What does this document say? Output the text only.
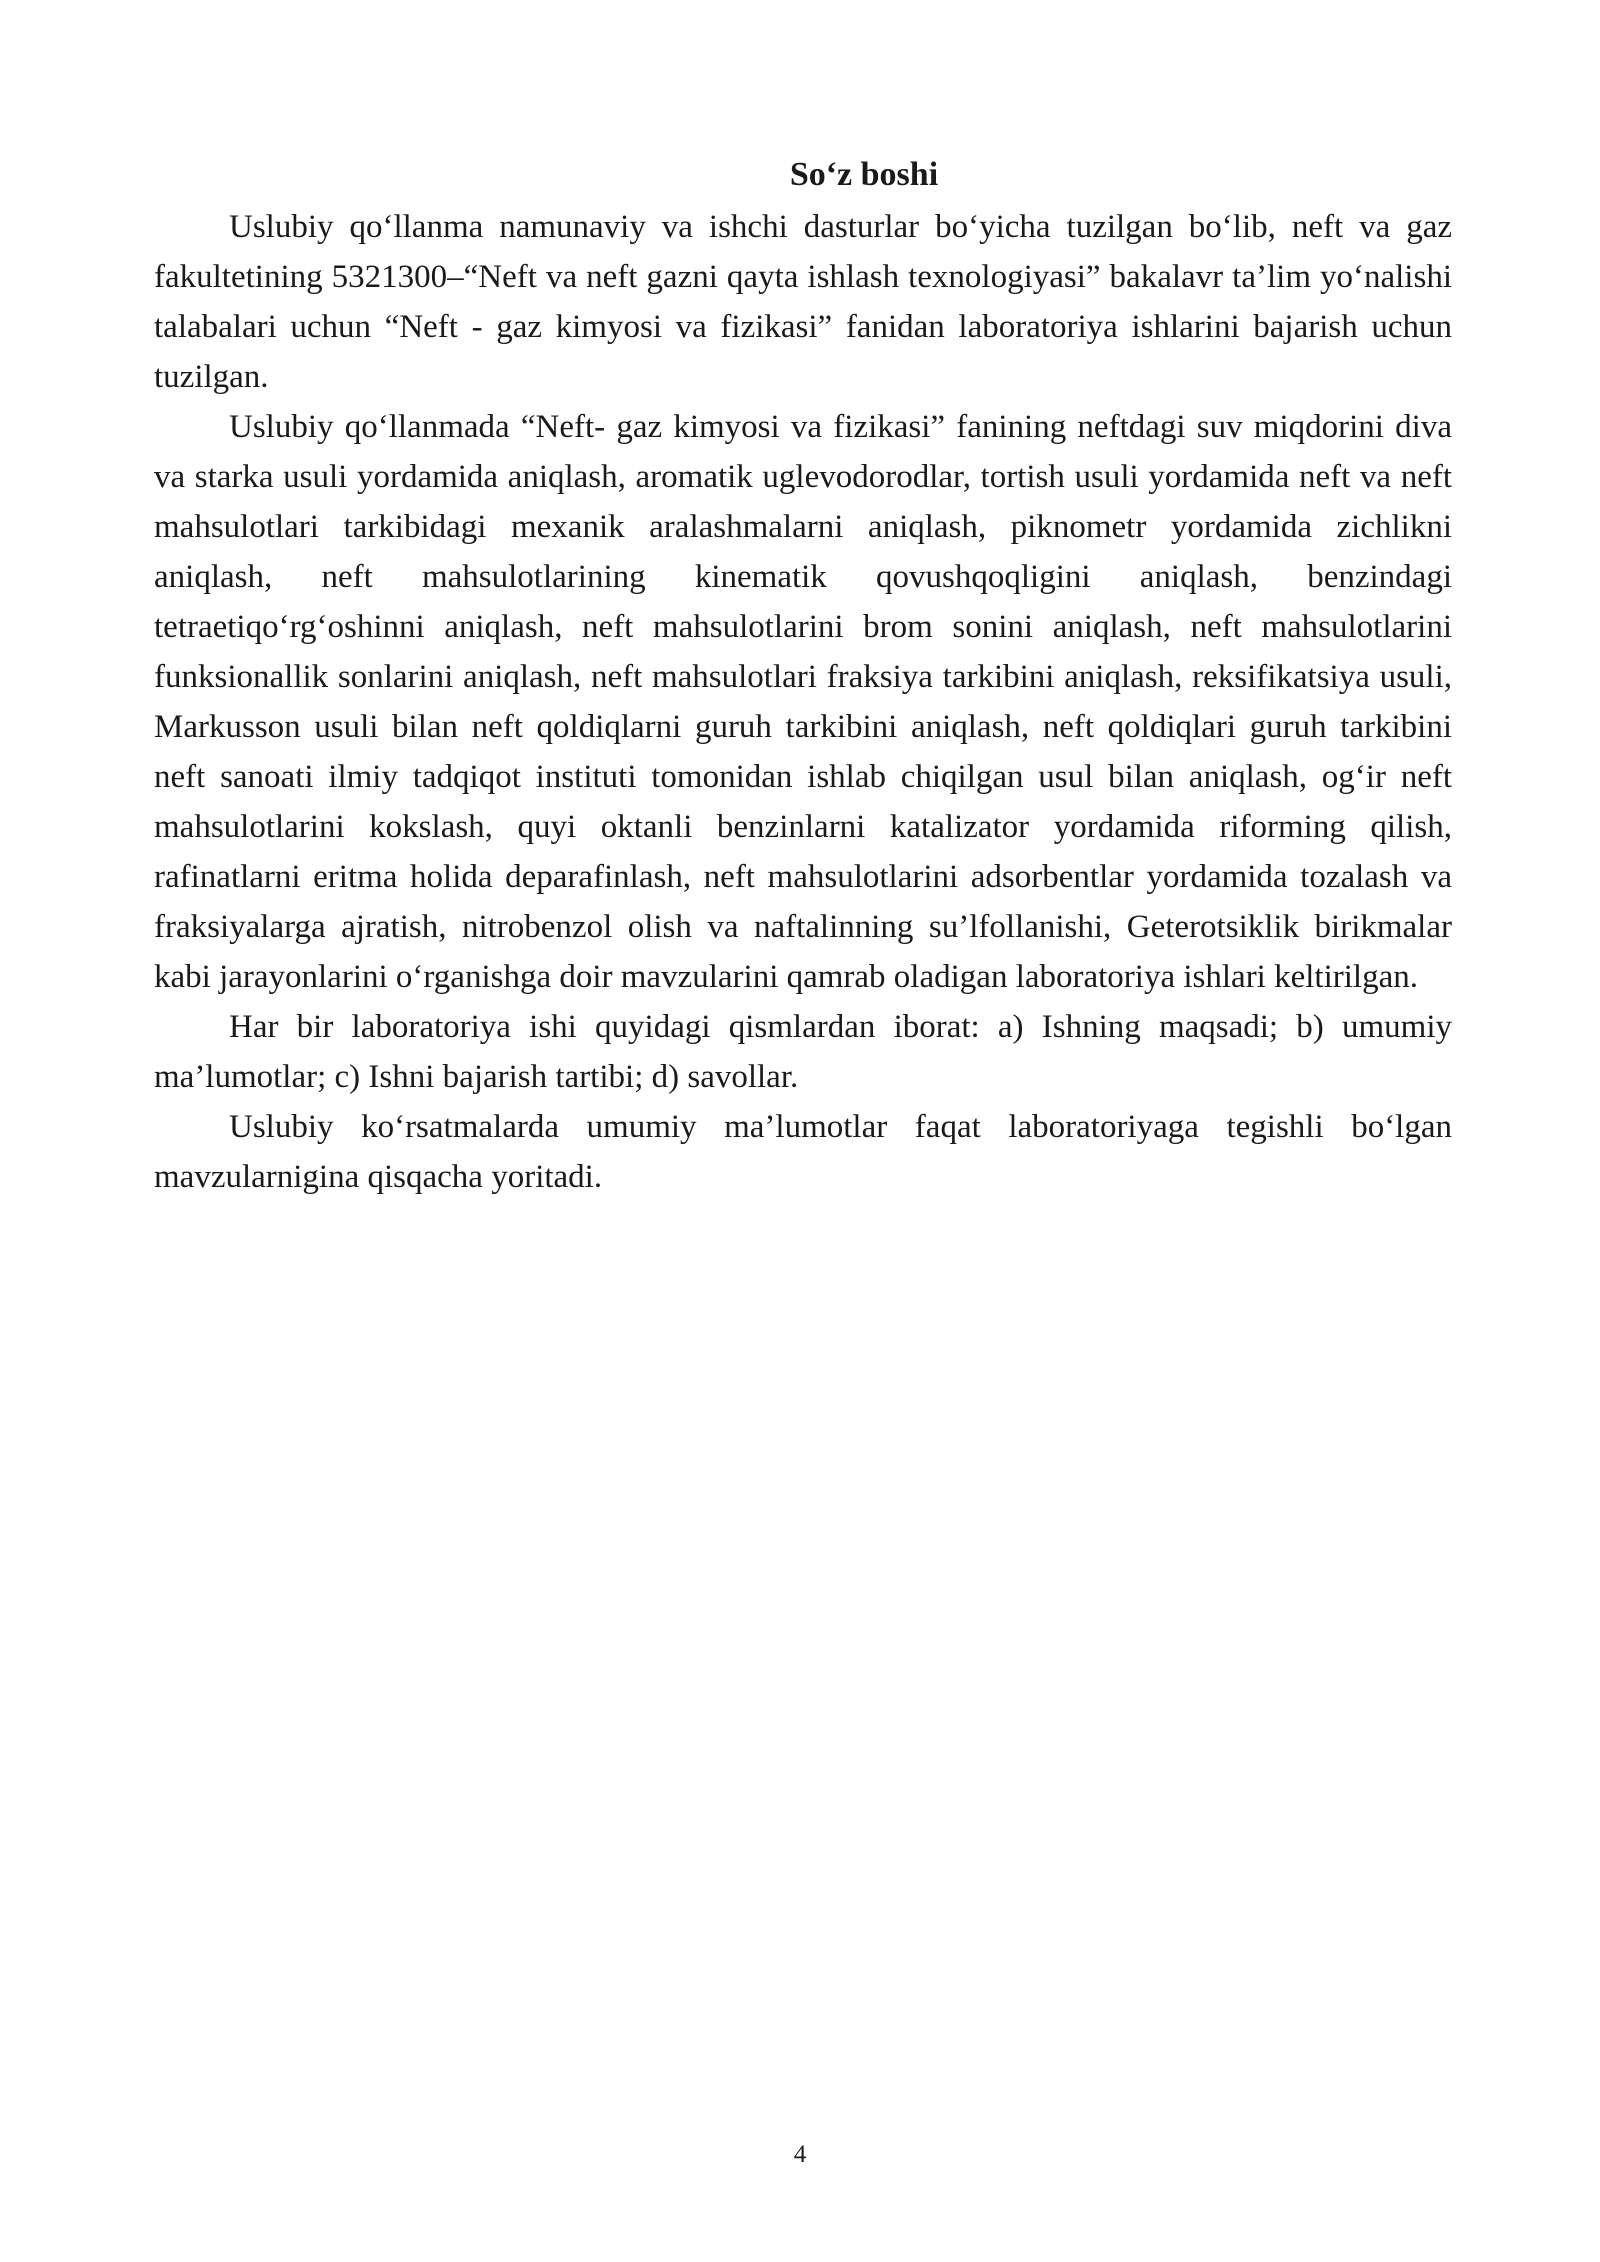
So‘z boshi

Uslubiy qo‘llanma namunaviy va ishchi dasturlar bo‘yicha tuzilgan bo‘lib, neft va gaz fakultetining 5321300–“Neft va neft gazni qayta ishlash texnologiyasi” bakalavr ta’lim yo‘nalishi talabalari uchun “Neft - gaz kimyosi va fizikasi” fanidan laboratoriya ishlarini bajarish uchun tuzilgan.

Uslubiy qo‘llanmada “Neft- gaz kimyosi va fizikasi” fanining neftdagi suv miqdorini diva va starka usuli yordamida aniqlash, aromatik uglevodorodlar, tortish usuli yordamida neft va neft mahsulotlari tarkibidagi mexanik aralashmalarni aniqlash, piknometr yordamida zichlikni aniqlash, neft mahsulotlarining kinematik qovushqoqligini aniqlash, benzindagi tetraetiqo‘rg‘oshinni aniqlash, neft mahsulotlarini brom sonini aniqlash, neft mahsulotlarini funksionallik sonlarini aniqlash, neft mahsulotlari fraksiya tarkibini aniqlash, reksifikatsiya usuli, Markusson usuli bilan neft qoldiqlarni guruh tarkibini aniqlash, neft qoldiqlari guruh tarkibini neft sanoati ilmiy tadqiqot instituti tomonidan ishlab chiqilgan usul bilan aniqlash, og‘ir neft mahsulotlarini kokslash, quyi oktanli benzinlarni katalizator yordamida riforming qilish, rafinatlarni eritma holida deparafinlash, neft mahsulotlarini adsorbentlar yordamida tozalash va fraksiyalarga ajratish, nitrobenzol olish va naftalinning su’lfollanishi, Geterotsiklik birikmalar kabi jarayonlarini o‘rganishga doir mavzularini qamrab oladigan laboratoriya ishlari keltirilgan.

Har bir laboratoriya ishi quyidagi qismlardan iborat: a) Ishning maqsadi; b) umumiy ma’lumotlar; c) Ishni bajarish tartibi; d) savollar.

Uslubiy ko‘rsatmalarda umumiy ma’lumotlar faqat laboratoriyaga tegishli bo‘lgan mavzularnigina qisqacha yoritadi.

4
